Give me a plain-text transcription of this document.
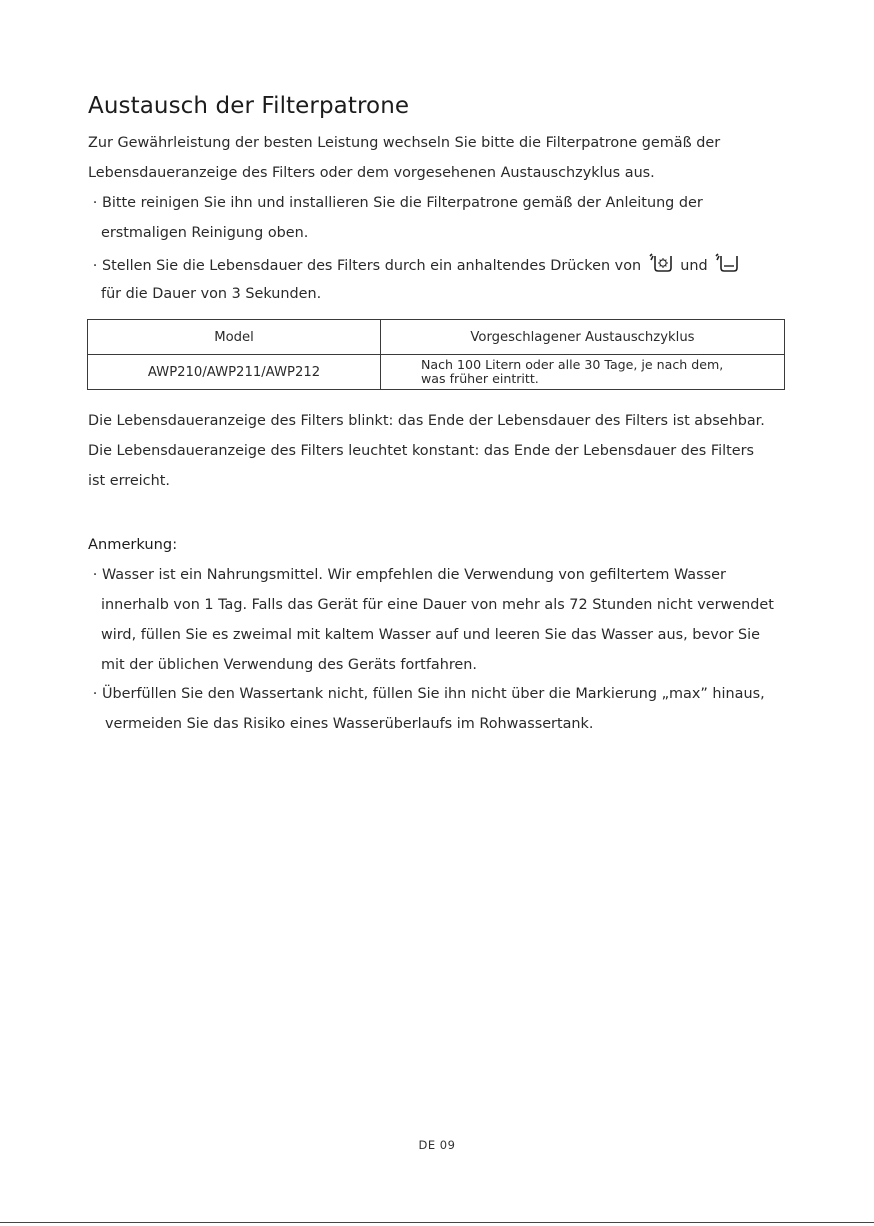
Austausch der Filterpatrone

Zur Gewährleistung der besten Leistung wechseln Sie bitte die Filterpatrone gemäß der

Lebensdaueranzeige des Filters oder dem vorgesehenen Austauschzyklus aus.

· Bitte reinigen Sie ihn und installieren Sie die Filterpatrone gemäß der Anleitung der

erstmaligen Reinigung oben.

· Stellen Sie die Lebensdauer des Filters durch ein anhaltendes Drücken von	und

für die Dauer von 3 Sekunden.

Model	Vorgeschlagener Austauschzyklus
AWP210/AWP211/AWP212	Nach 100 Litern oder alle 30 Tage, je nach dem,
was früher eintritt.

Die Lebensdaueranzeige des Filters blinkt: das Ende der Lebensdauer des Filters ist absehbar.

Die Lebensdaueranzeige des Filters leuchtet konstant: das Ende der Lebensdauer des Filters

ist erreicht.

Anmerkung:

· Wasser ist ein Nahrungsmittel. Wir empfehlen die Verwendung von gefiltertem Wasser

innerhalb von 1 Tag. Falls das Gerät für eine Dauer von mehr als 72 Stunden nicht verwendet

wird, füllen Sie es zweimal mit kaltem Wasser auf und leeren Sie das Wasser aus, bevor Sie

mit der üblichen Verwendung des Geräts fortfahren.

· Überfüllen Sie den Wassertank nicht, füllen Sie ihn nicht über die Markierung „max” hinaus,

vermeiden Sie das Risiko eines Wasserüberlaufs im Rohwassertank.

DE 09
